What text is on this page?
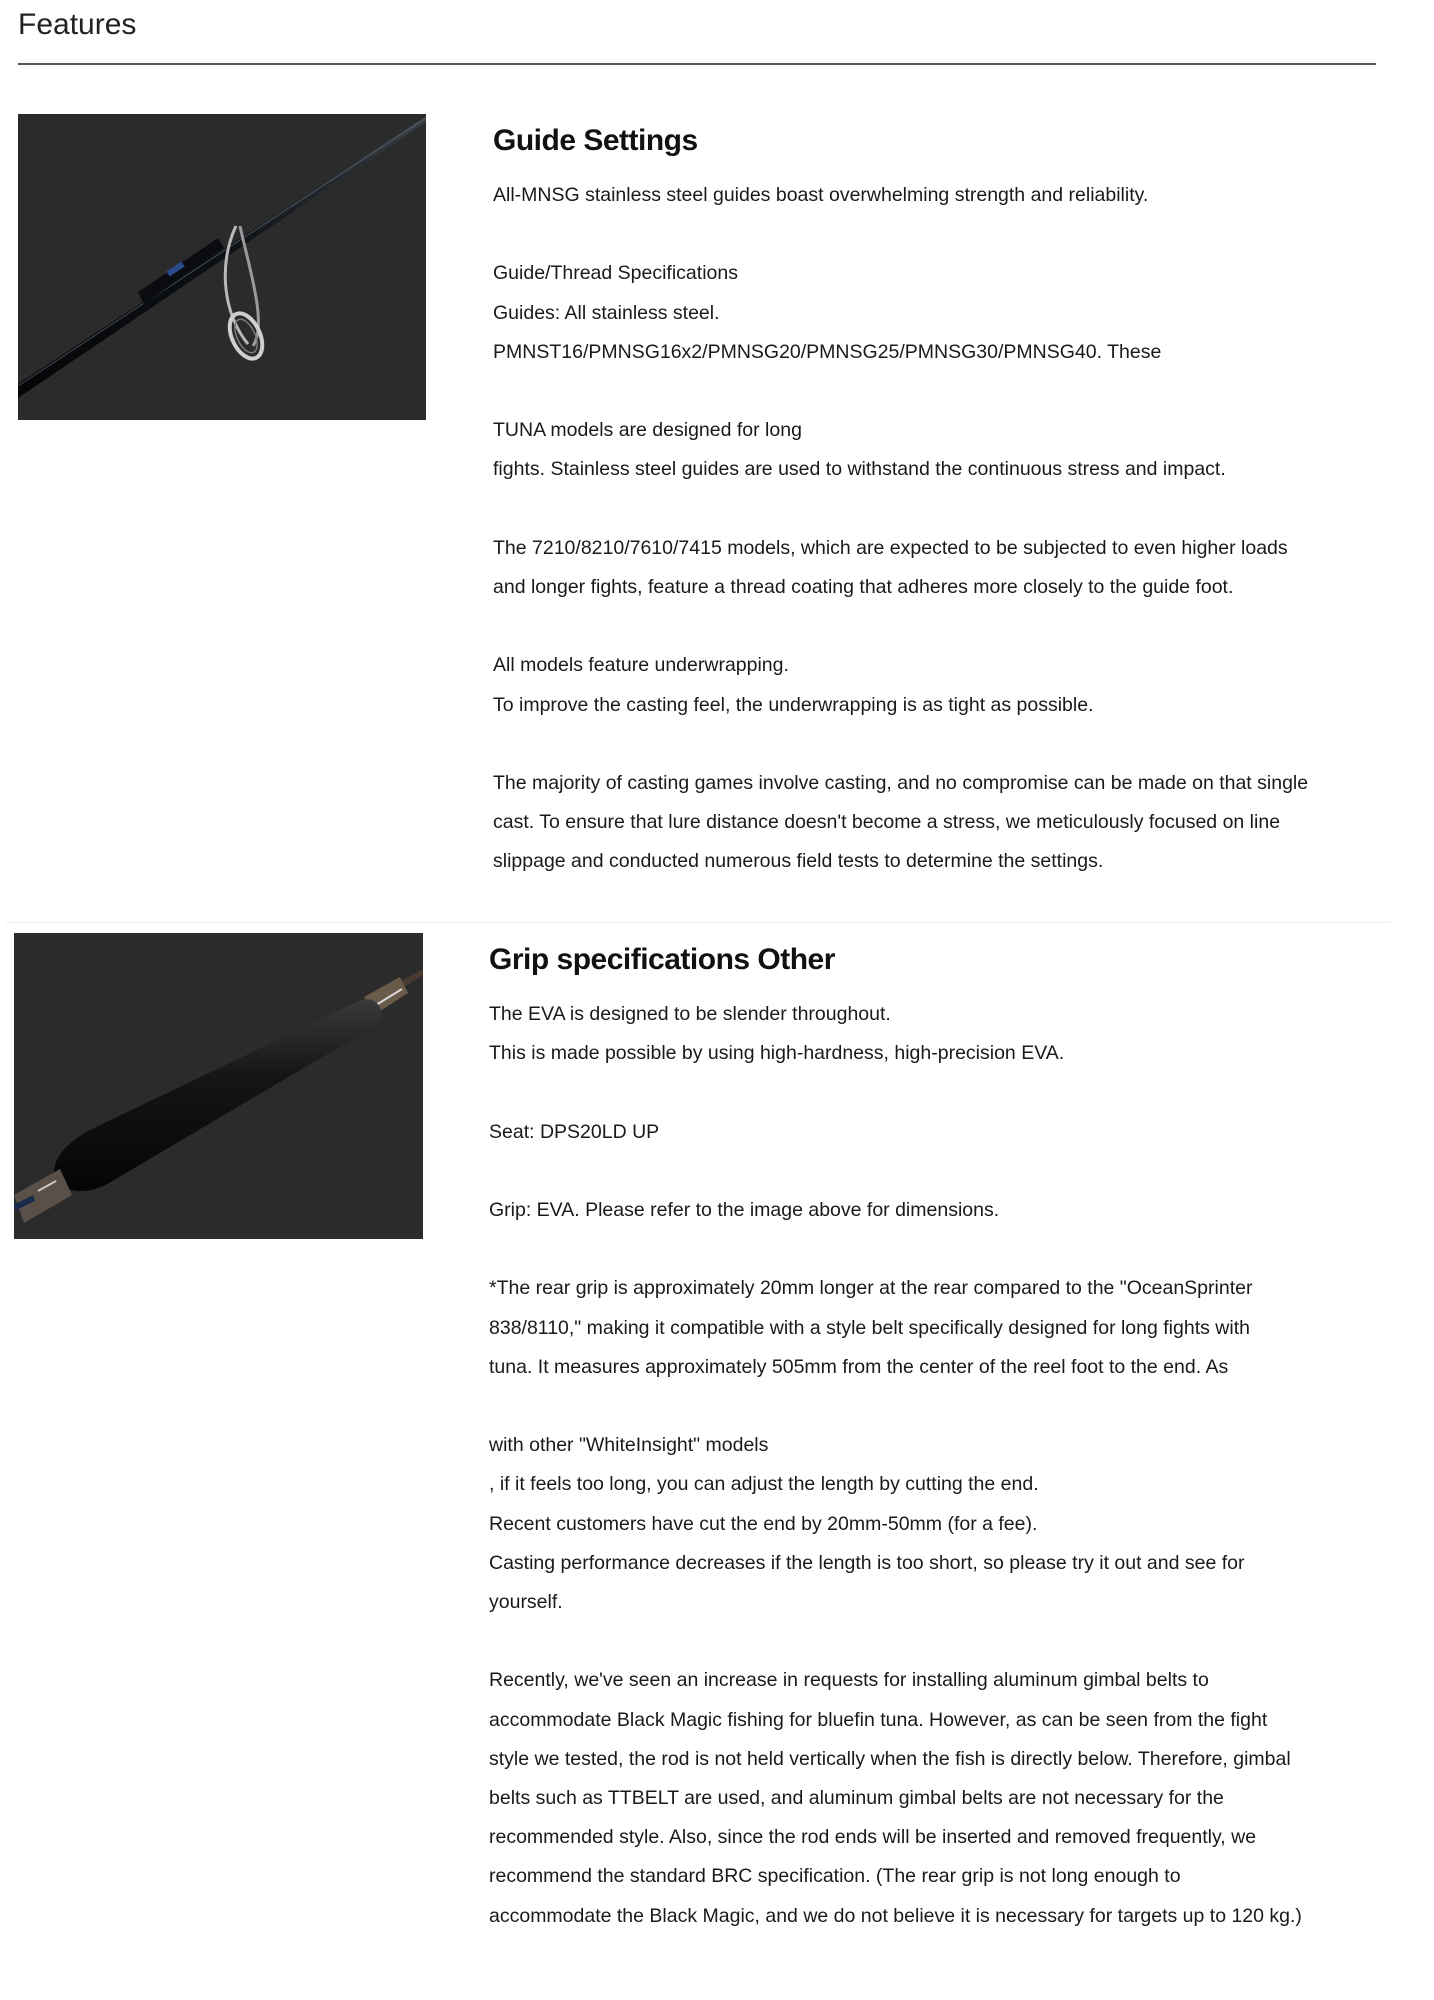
Features
Guide Settings
All-MNSG stainless steel guides boast overwhelming strength and reliability.
Guide/Thread Specifications
Guides: All stainless steel.
PMNST16/PMNSG16x2/PMNSG20/PMNSG25/PMNSG30/PMNSG40. These
TUNA models are designed for long
fights. Stainless steel guides are used to withstand the continuous stress and impact.
The 7210/8210/7610/7415 models, which are expected to be subjected to even higher loads
and longer fights, feature a thread coating that adheres more closely to the guide foot.
All models feature underwrapping.
To improve the casting feel, the underwrapping is as tight as possible.
The majority of casting games involve casting, and no compromise can be made on that single
cast. To ensure that lure distance doesn't become a stress, we meticulously focused on line
slippage and conducted numerous field tests to determine the settings.
Grip specifications Other
The EVA is designed to be slender throughout.
This is made possible by using high-hardness, high-precision EVA.
Seat: DPS20LD UP
Grip: EVA. Please refer to the image above for dimensions.
*The rear grip is approximately 20mm longer at the rear compared to the "OceanSprinter
838/8110," making it compatible with a style belt specifically designed for long fights with
tuna. It measures approximately 505mm from the center of the reel foot to the end. As
with other "WhiteInsight" models
, if it feels too long, you can adjust the length by cutting the end.
Recent customers have cut the end by 20mm-50mm (for a fee).
Casting performance decreases if the length is too short, so please try it out and see for
yourself.
Recently, we've seen an increase in requests for installing aluminum gimbal belts to
accommodate Black Magic fishing for bluefin tuna. However, as can be seen from the fight
style we tested, the rod is not held vertically when the fish is directly below. Therefore, gimbal
belts such as TTBELT are used, and aluminum gimbal belts are not necessary for the
recommended style. Also, since the rod ends will be inserted and removed frequently, we
recommend the standard BRC specification. (The rear grip is not long enough to
accommodate the Black Magic, and we do not believe it is necessary for targets up to 120 kg.)
